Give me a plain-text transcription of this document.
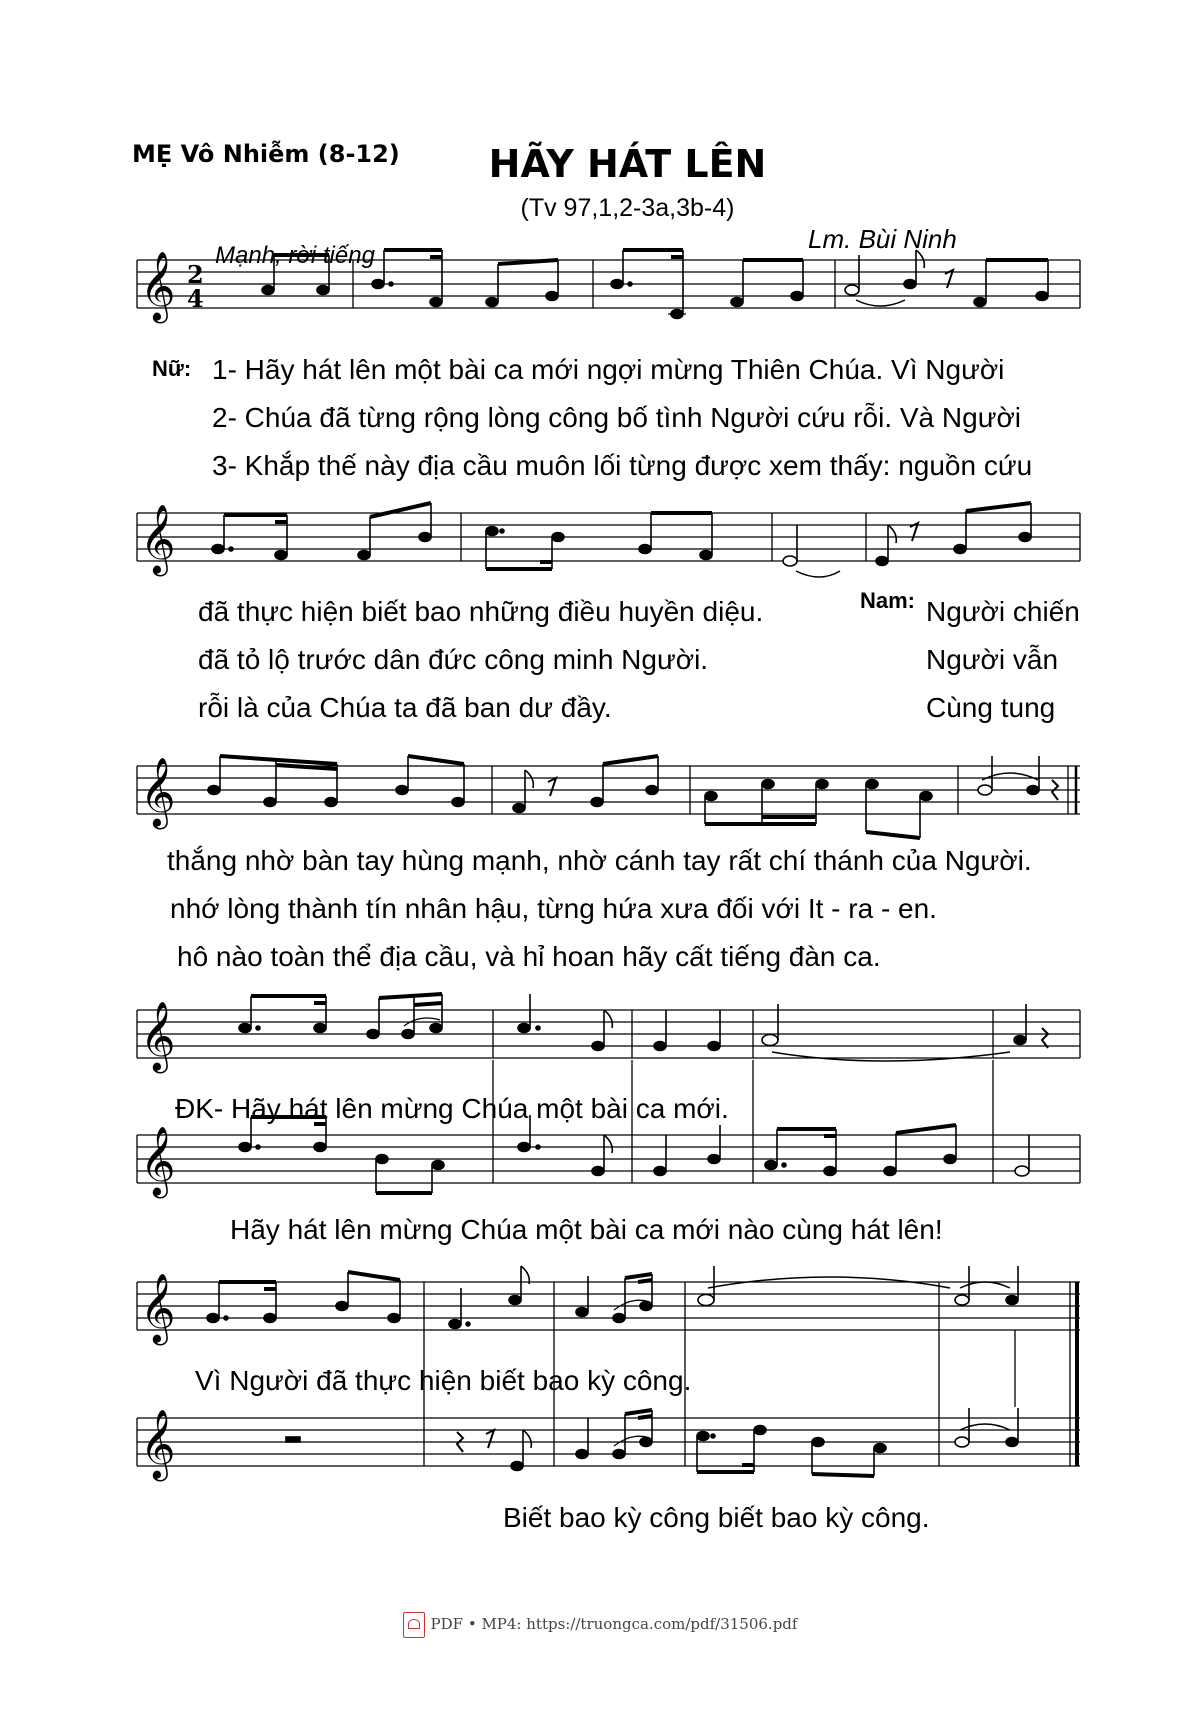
MẸ Vô Nhiễm (8-12)	HÃY HÁT LÊN
(Tv 97,1,2-3a,3b-4)
Lm. Bùi Ninh
Mạnh, rời tiếng
𝄞 2
4
Nữ: 1- Hãy hát lên một bài ca mới ngợi mừng Thiên Chúa. Vì Người
2- Chúa đã từng rộng lòng công bố tình Người cứu rỗi. Và Người
3- Khắp thế này địa cầu muôn lối từng được xem thấy: nguồn cứu
𝄞
đã thực hiện biết bao những điều huyền diệu.
đã tỏ lộ trước dân đức công minh Người.
rỗi là của Chúa ta đã ban dư đầy.
Nam: Người chiến
Người vẫn
Cùng tung
𝄞
thắng nhờ bàn tay hùng mạnh, nhờ cánh tay rất chí thánh của Người.
nhớ lòng thành tín nhân hậu, từng hứa xưa đối với It - ra - en.
hô nào toàn thể địa cầu, và hỉ hoan hãy cất tiếng đàn ca.
𝄞
ĐK- Hãy hát lên mừng Chúa một bài ca mới.
𝄞
Hãy hát lên mừng Chúa một bài ca mới nào cùng hát lên!
𝄞
Vì Người đã thực hiện biết bao kỳ công.
𝄞
Biết bao kỳ công biết bao kỳ công.
PDF • MP4: https://truongca.com/pdf/31506.pdf
